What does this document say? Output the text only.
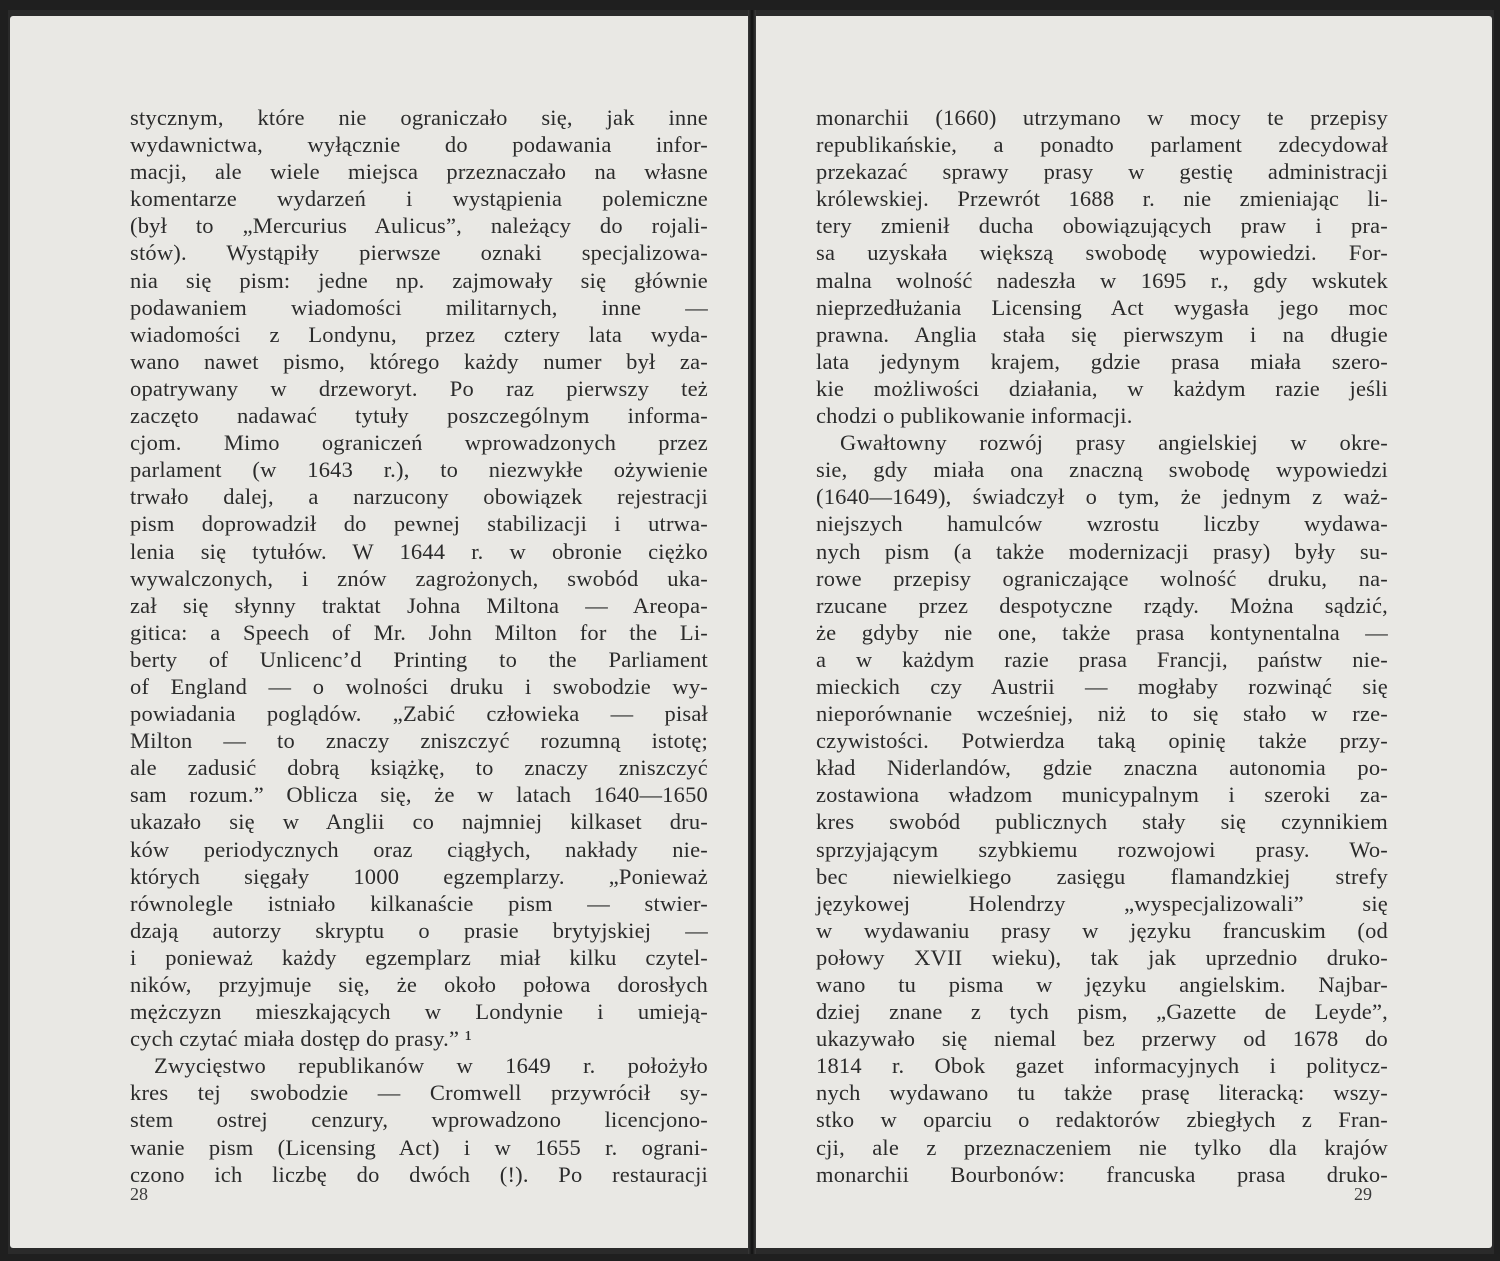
stycznym, które nie ograniczało się, jak inne
wydawnictwa, wyłącznie do podawania infor-
macji, ale wiele miejsca przeznaczało na własne
komentarze wydarzeń i wystąpienia polemiczne
(był to „Mercurius Aulicus”, należący do rojali-
stów). Wystąpiły pierwsze oznaki specjalizowa-
nia się pism: jedne np. zajmowały się głównie
podawaniem wiadomości militarnych, inne —
wiadomości z Londynu, przez cztery lata wyda-
wano nawet pismo, którego każdy numer był za-
opatrywany w drzeworyt. Po raz pierwszy też
zaczęto nadawać tytuły poszczególnym informa-
cjom. Mimo ograniczeń wprowadzonych przez
parlament (w 1643 r.), to niezwykłe ożywienie
trwało dalej, a narzucony obowiązek rejestracji
pism doprowadził do pewnej stabilizacji i utrwa-
lenia się tytułów. W 1644 r. w obronie ciężko
wywalczonych, i znów zagrożonych, swobód uka-
zał się słynny traktat Johna Miltona — Areopa-
gitica: a Speech of Mr. John Milton for the Li-
berty of Unlicenc’d Printing to the Parliament
of England — o wolności druku i swobodzie wy-
powiadania poglądów. „Zabić człowieka — pisał
Milton — to znaczy zniszczyć rozumną istotę;
ale zadusić dobrą książkę, to znaczy zniszczyć
sam rozum.” Oblicza się, że w latach 1640—1650
ukazało się w Anglii co najmniej kilkaset dru-
ków periodycznych oraz ciągłych, nakłady nie-
których sięgały 1000 egzemplarzy. „Ponieważ
równolegle istniało kilkanaście pism — stwier-
dzają autorzy skryptu o prasie brytyjskiej —
i ponieważ każdy egzemplarz miał kilku czytel-
ników, przyjmuje się, że około połowa dorosłych
mężczyzn mieszkających w Londynie i umieją-
cych czytać miała dostęp do prasy.” ¹
Zwycięstwo republikanów w 1649 r. położyło
kres tej swobodzie — Cromwell przywrócił sy-
stem ostrej cenzury, wprowadzono licencjono-
wanie pism (Licensing Act) i w 1655 r. ograni-
czono ich liczbę do dwóch (!). Po restauracji
28
monarchii (1660) utrzymano w mocy te przepisy
republikańskie, a ponadto parlament zdecydował
przekazać sprawy prasy w gestię administracji
królewskiej. Przewrót 1688 r. nie zmieniając li-
tery zmienił ducha obowiązujących praw i pra-
sa uzyskała większą swobodę wypowiedzi. For-
malna wolność nadeszła w 1695 r., gdy wskutek
nieprzedłużania Licensing Act wygasła jego moc
prawna. Anglia stała się pierwszym i na długie
lata jedynym krajem, gdzie prasa miała szero-
kie możliwości działania, w każdym razie jeśli
chodzi o publikowanie informacji.
Gwałtowny rozwój prasy angielskiej w okre-
sie, gdy miała ona znaczną swobodę wypowiedzi
(1640—1649), świadczył o tym, że jednym z waż-
niejszych hamulców wzrostu liczby wydawa-
nych pism (a także modernizacji prasy) były su-
rowe przepisy ograniczające wolność druku, na-
rzucane przez despotyczne rządy. Można sądzić,
że gdyby nie one, także prasa kontynentalna —
a w każdym razie prasa Francji, państw nie-
mieckich czy Austrii — mogłaby rozwinąć się
nieporównanie wcześniej, niż to się stało w rze-
czywistości. Potwierdza taką opinię także przy-
kład Niderlandów, gdzie znaczna autonomia po-
zostawiona władzom municypalnym i szeroki za-
kres swobód publicznych stały się czynnikiem
sprzyjającym szybkiemu rozwojowi prasy. Wo-
bec niewielkiego zasięgu flamandzkiej strefy
językowej Holendrzy „wyspecjalizowali” się
w wydawaniu prasy w języku francuskim (od
połowy XVII wieku), tak jak uprzednio druko-
wano tu pisma w języku angielskim. Najbar-
dziej znane z tych pism, „Gazette de Leyde”,
ukazywało się niemal bez przerwy od 1678 do
1814 r. Obok gazet informacyjnych i politycz-
nych wydawano tu także prasę literacką: wszy-
stko w oparciu o redaktorów zbiegłych z Fran-
cji, ale z przeznaczeniem nie tylko dla krajów
monarchii Bourbonów: francuska prasa druko-
29
